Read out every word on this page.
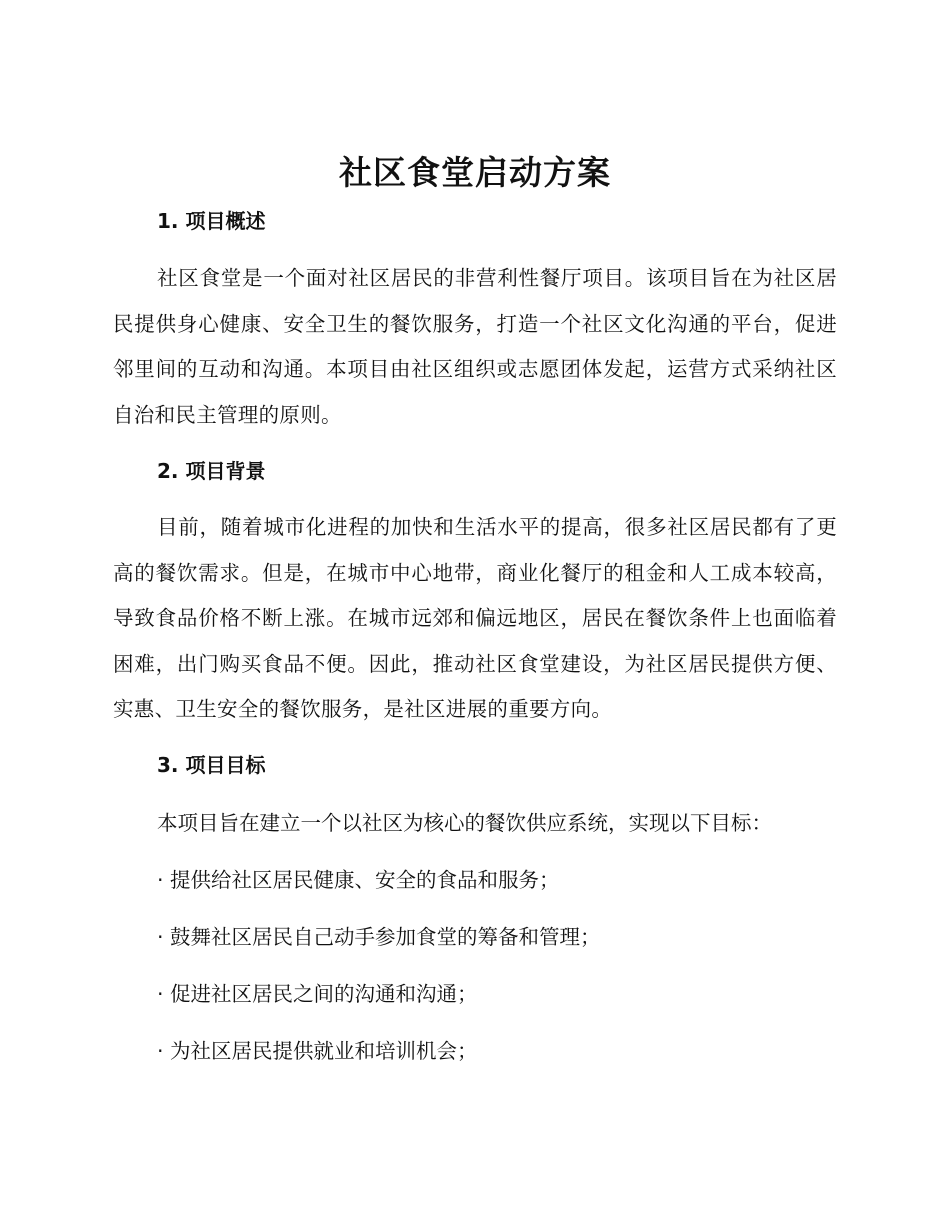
社区食堂启动方案
1. 项目概述

社区食堂是一个面对社区居民的非营利性餐厅项目。该项目旨在为社区居民提供身心健康、安全卫生的餐饮服务，打造一个社区文化沟通的平台，促进邻里间的互动和沟通。本项目由社区组织或志愿团体发起，运营方式采纳社区自治和民主管理的原则。

2. 项目背景

目前，随着城市化进程的加快和生活水平的提高，很多社区居民都有了更高的餐饮需求。但是，在城市中心地带，商业化餐厅的租金和人工成本较高，导致食品价格不断上涨。在城市远郊和偏远地区，居民在餐饮条件上也面临着困难，出门购买食品不便。因此，推动社区食堂建设，为社区居民提供方便、实惠、卫生安全的餐饮服务，是社区进展的重要方向。

3. 项目目标

本项目旨在建立一个以社区为核心的餐饮供应系统，实现以下目标：

· 提供给社区居民健康、安全的食品和服务；

· 鼓舞社区居民自己动手参加食堂的筹备和管理；

· 促进社区居民之间的沟通和沟通；

· 为社区居民提供就业和培训机会；
